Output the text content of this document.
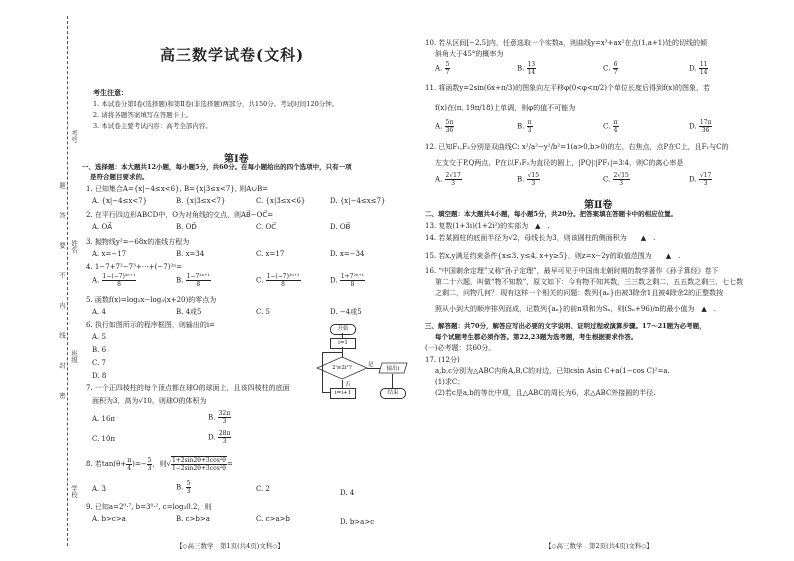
考号
姓名
班级
学校
题
答
要
不
内
线
封
密
高三数学试卷(文科)
考生注意：
1. 本试卷分第Ⅰ卷(选择题)和第Ⅱ卷(非选择题)两部分，共150分。考试时间120分钟。
2. 请将各题答案填写在答题卡上。
3. 本试卷主要考试内容：高考全部内容。
第Ⅰ卷
一、选择题：本大题共12小题，每小题5分，共60分。在每小题给出的四个选项中，只有一项
是符合题目要求的。
1. 已知集合A={x|−4≤x<6}, B={x|3≤x<7}, 则A∪B=
A. {x|−4≤x<7}	B. {x|3≤x<7}	C. {x|3≤x<6}	D. {x|−4≤x≤7}
2. 在平行四边形ABCD中，O为对角线的交点，则AB⃗−OC⃗=
A. OA⃗	B. OD⃗	C. OC⃗	D. OB⃗
3. 抛物线y²=−68x的准线方程为
A. x=−17	B. x=34	C. x=17	D. x=−34
4. 1−7+7²−7³+⋯+(−7)²ⁿ=
A. $\frac{\text{1−(−7)²ⁿ⁺¹}}{8}$	B. $\frac{\text{1−7²ⁿ⁺¹}}{8}$	C. $\frac{\text{1−(−7)²ⁿ⁺¹}}{8}$	D. $\frac{\text{1+7²ⁿ⁺¹}}{8}$
5. 函数f(x)=log₂x−log₃(x+20)的零点为
A. 4	B. 4或5	C. 5	D. −4或5
6. 执行如图所示的程序框图，则输出的i=
A. 5
B. 6
C. 7
D. 8
开始
i=1
2ⁱ≥2i²?	是
输出i
结束
否
i=i+1
7. 一个正四棱柱的每个顶点都在球O的球面上，且该四棱柱的底面
面积为3，高为√10，则球O的体积为
A. 16π	B. $\frac{32\pi}{3}$
C. 10π	D. $\frac{28\pi}{3}$
8. 若$\tan(\theta+ \frac{\pi}{4}$ )=− $\frac{5}{3}$ ，则√ $\frac{\text{1+2sin2θ+3cos²θ}}{\text{1−2sin2θ+3cos²θ}}$ =
A. 3	B. $\frac{5}{3}$	C. 2	D. 4
9. 已知a=2⁰·⁷, b=3⁰·², c=log₃0.2，则
A. b>c>a	B. c>b>a	C. c>a>b	D. b>a>c
【◇高三数学　第1页(共4页)文科◇】
10. 若从区间[−2,5]内，任意选取一个实数a，则曲线y=x³+ax²在点(1,a+1)处的切线的倾
斜角大于45°的概率为
A. $\frac{5}{7}$	B. $\frac{13}{14}$	C. $\frac{6}{7}$	D. $\frac{11}{14}$
11. 将函数y=2sin(6x+π/3)的图象向左平移φ(0<φ<π/2)个单位长度后得到f(x)的图象，若
f(x)在(π, 19π/18)上单调，则φ的值不可能为
A. $\frac{5\pi}{36}$	B. $\frac{\pi}{3}$	C. $\frac{\pi}{4}$	D. $\frac{17\pi}{36}$
12. 已知F₁,F₂分别是双曲线C: x²/a²−y²/b²=1(a>0,b>0)的左、右焦点，点P在C上，且F₁与C的
左支交于P,Q两点，P在以F₁F₂为直径的圆上，|PQ|∶|PF₁|=3∶4，则C的离心率是
A. $\frac{2√17}{3}$	B. $\frac{√15}{3}$	C. $\frac{2√15}{3}$	D. $\frac{√17}{3}$
第Ⅱ卷
二、填空题：本大题共4小题，每小题5分，共20分。把答案填在答题卡中的相应位置。
13. 复数(1+3i)(1+2i²)的实部为　▲　.
14. 若某圆柱的底面半径为√2，母线长为3，则该圆柱的侧面积为　　▲　.
15. 若x,y满足约束条件{x≤3, y≤4, x+y≥5}，则z=x−2y的取值范围为　　▲　.
16. “中国剩余定理”又称“孙子定理”，最早可见于中国南北朝时期的数学著作《孙子算经》卷下
第二十六题，叫做“物不知数”，原文如下：今有物不知其数，三三数之剩二，五五数之剩三，七七数
之剩二，问物几何？ 现有这样一个相关的问题：数列{aₙ}由被3除余1且被4除余2的正整数按
照从小到大的顺序排列而成，记数列{aₙ}的前n项和为Sₙ，则(Sₙ+96)/n的最小值为　▲　.
三、解答题：共70分，解答应写出必要的文字说明、证明过程或演算步骤。17～21题为必考题，
每个试题考生都必须作答。第22,23题为选考题，考生根据要求作答。
(一)必考题：共60分。
17. (12分)
a,b,c分别为△ABC内角A,B,C的对边，已知csin Asin C+a(1−cos C)²=a.
(1)求C；
(2)若c是a,b的等比中项，且△ABC的周长为6，求△ABC外接圆的半径.
【◇高三数学　第2页(共4页)文科◇】
